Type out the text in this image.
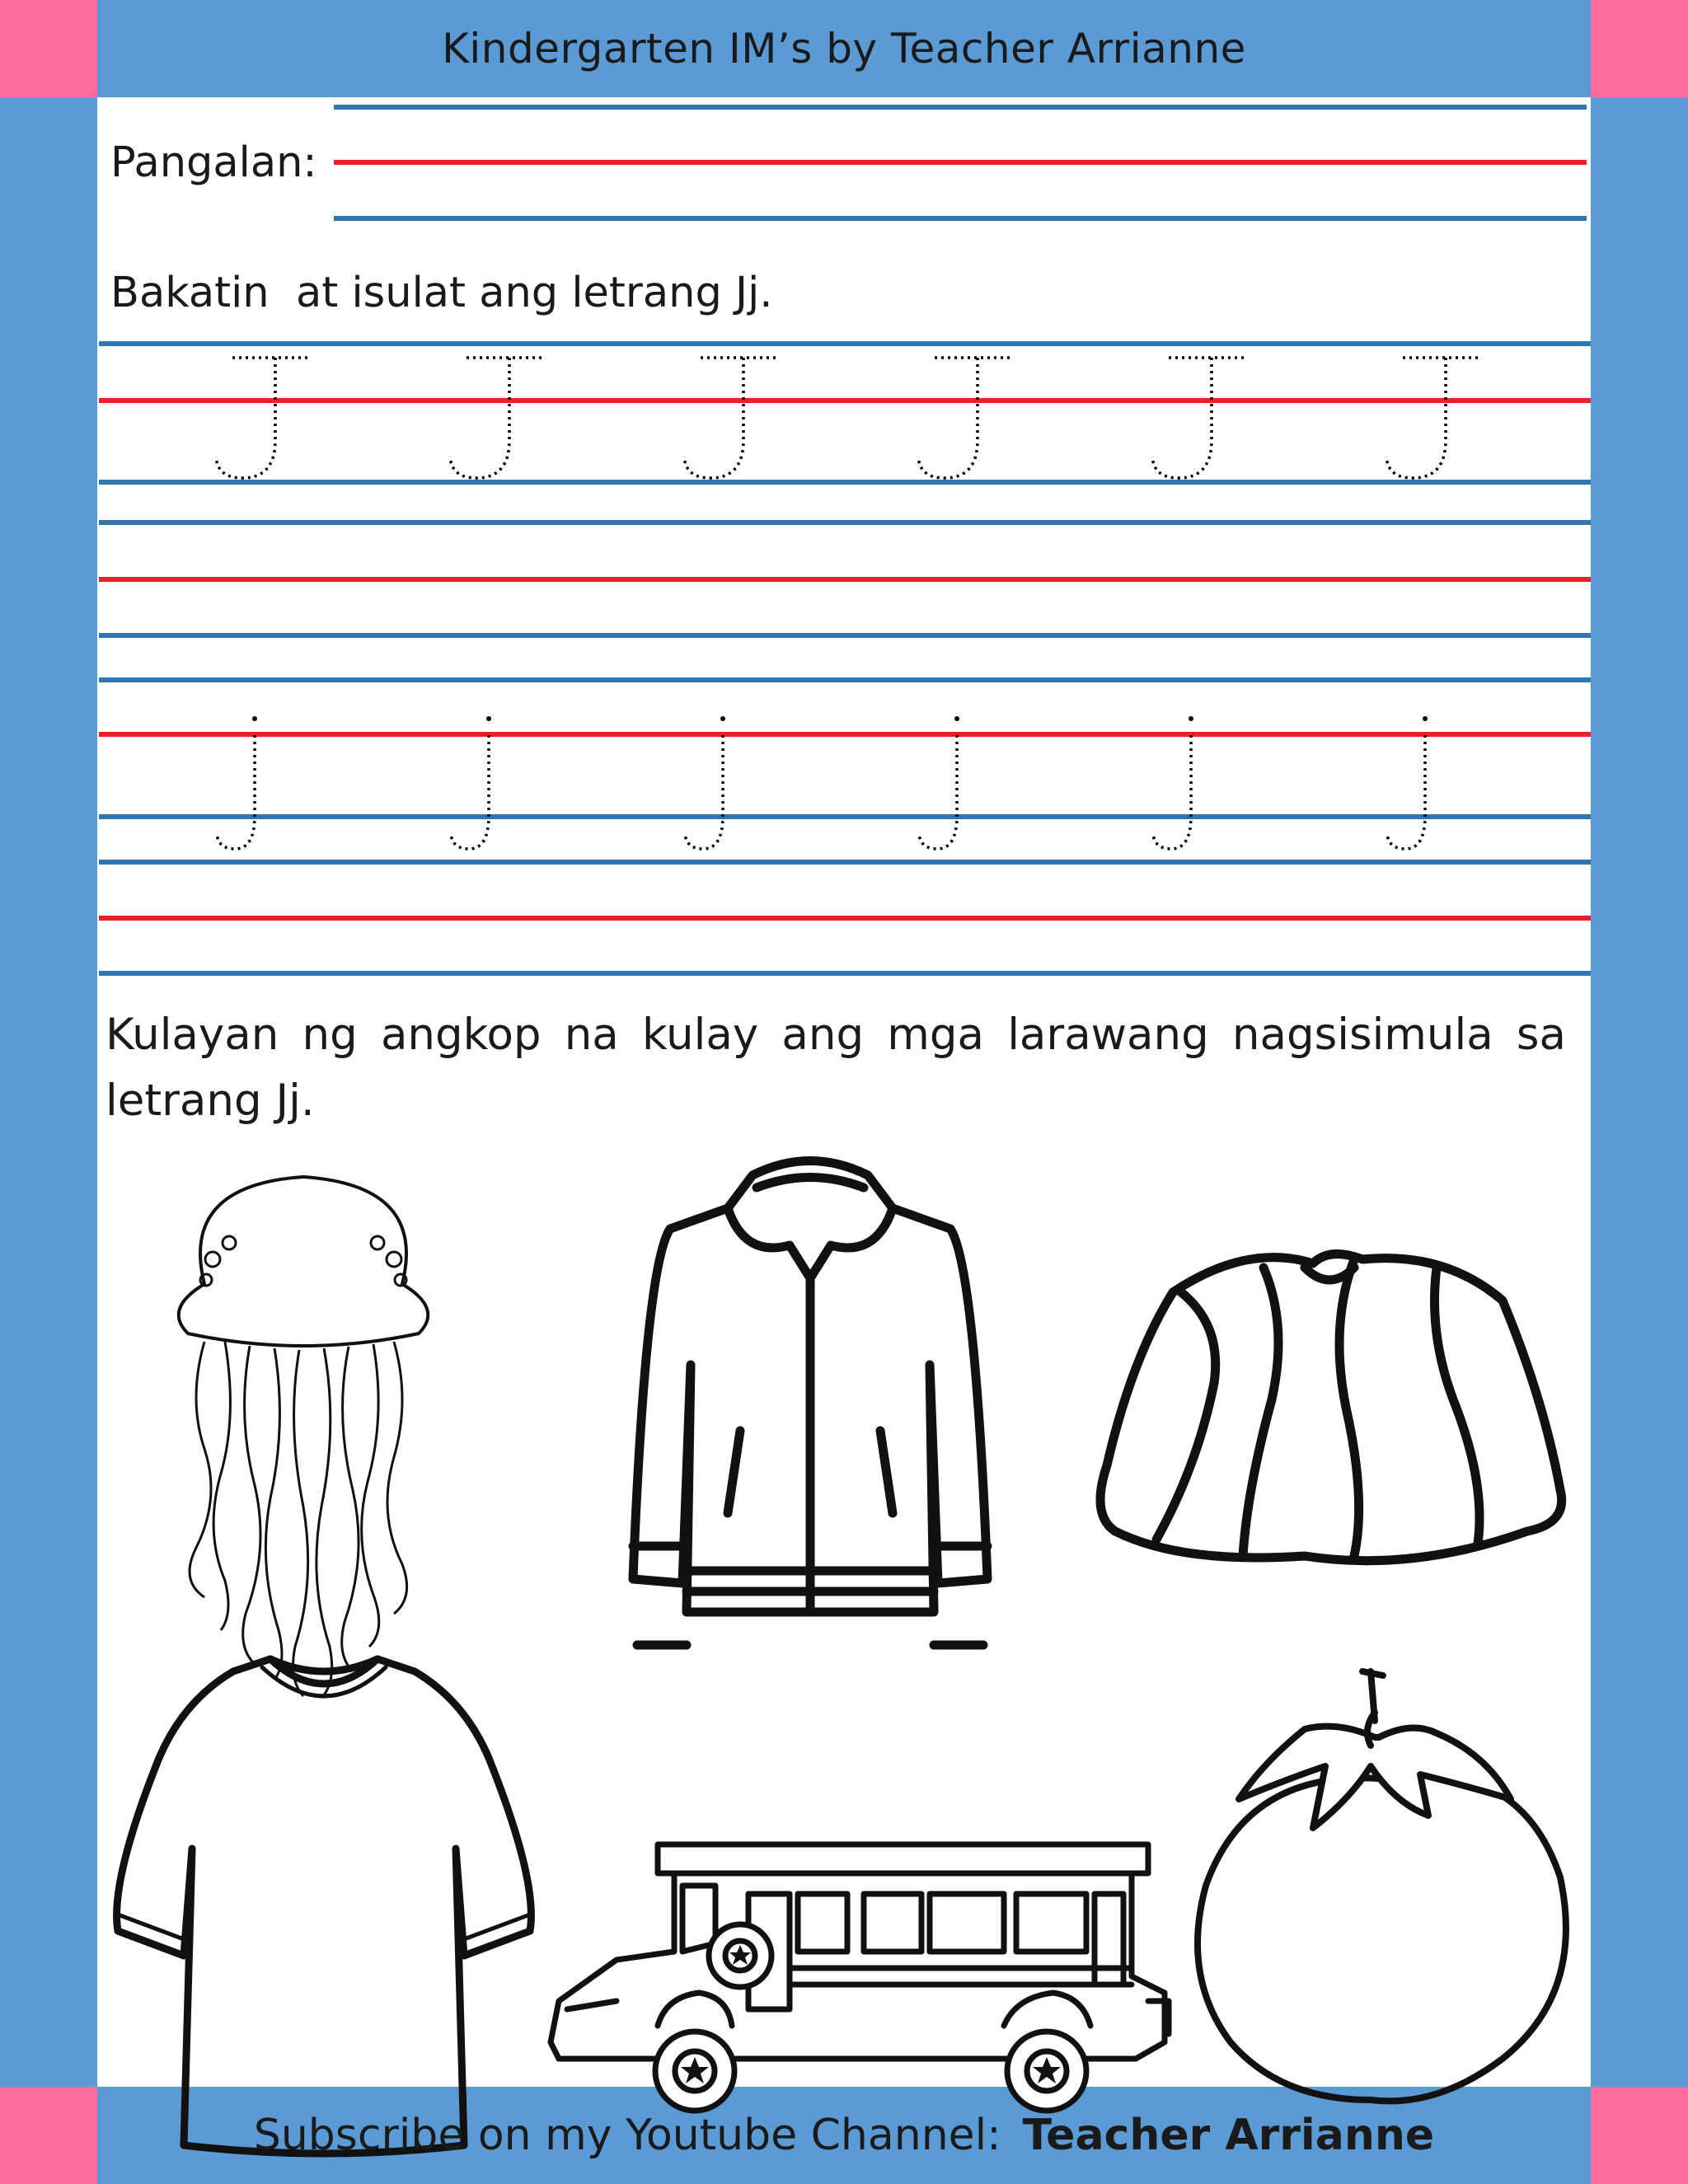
Kindergarten IM’s by Teacher Arrianne
Pangalan:
Bakatin  at isulat ang letrang Jj.
Kulayan ng angkop na kulay ang mga larawang nagsisimula sa letrang Jj.
Subscribe on my Youtube Channel: Teacher Arrianne
